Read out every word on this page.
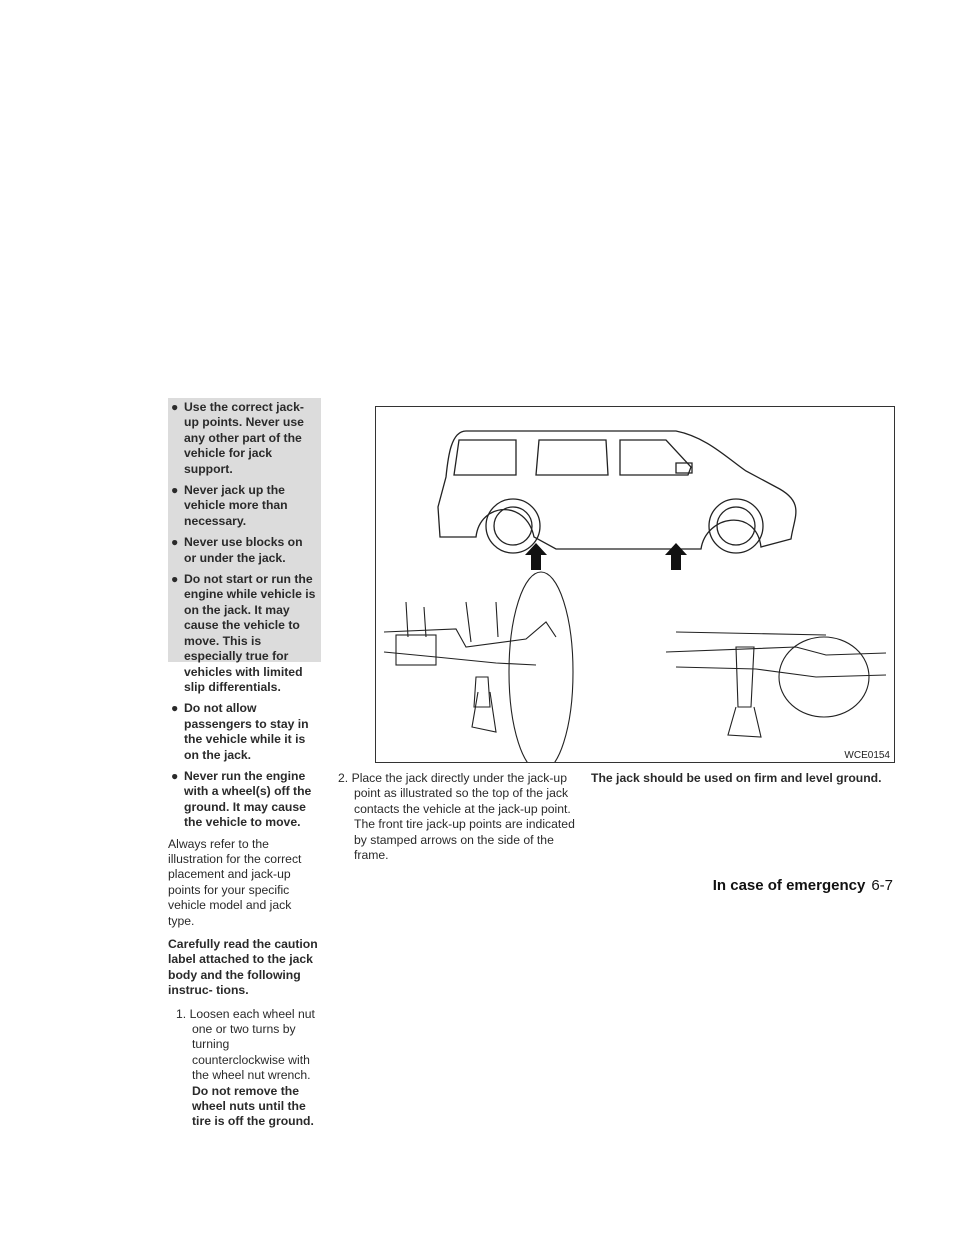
● Use the correct jack-up points. Never use any other part of the vehicle for jack support.
● Never jack up the vehicle more than necessary.
● Never use blocks on or under the jack.
● Do not start or run the engine while vehicle is on the jack. It may cause the vehicle to move. This is especially true for vehicles with limited slip differentials.
● Do not allow passengers to stay in the vehicle while it is on the jack.
● Never run the engine with a wheel(s) off the ground. It may cause the vehicle to move.

Always refer to the illustration for the correct placement and jack-up points for your specific vehicle model and jack type.

Carefully read the caution label attached to the jack body and the following instruc- tions.

1. Loosen each wheel nut one or two turns by turning counterclockwise with the wheel nut wrench. Do not remove the wheel nuts until the tire is off the ground.

WCE0154

2. Place the jack directly under the jack-up point as illustrated so the top of the jack contacts the vehicle at the jack-up point. The front tire jack-up points are indicated by stamped arrows on the side of the frame.

The jack should be used on firm and level ground.

In case of emergency 6-7
